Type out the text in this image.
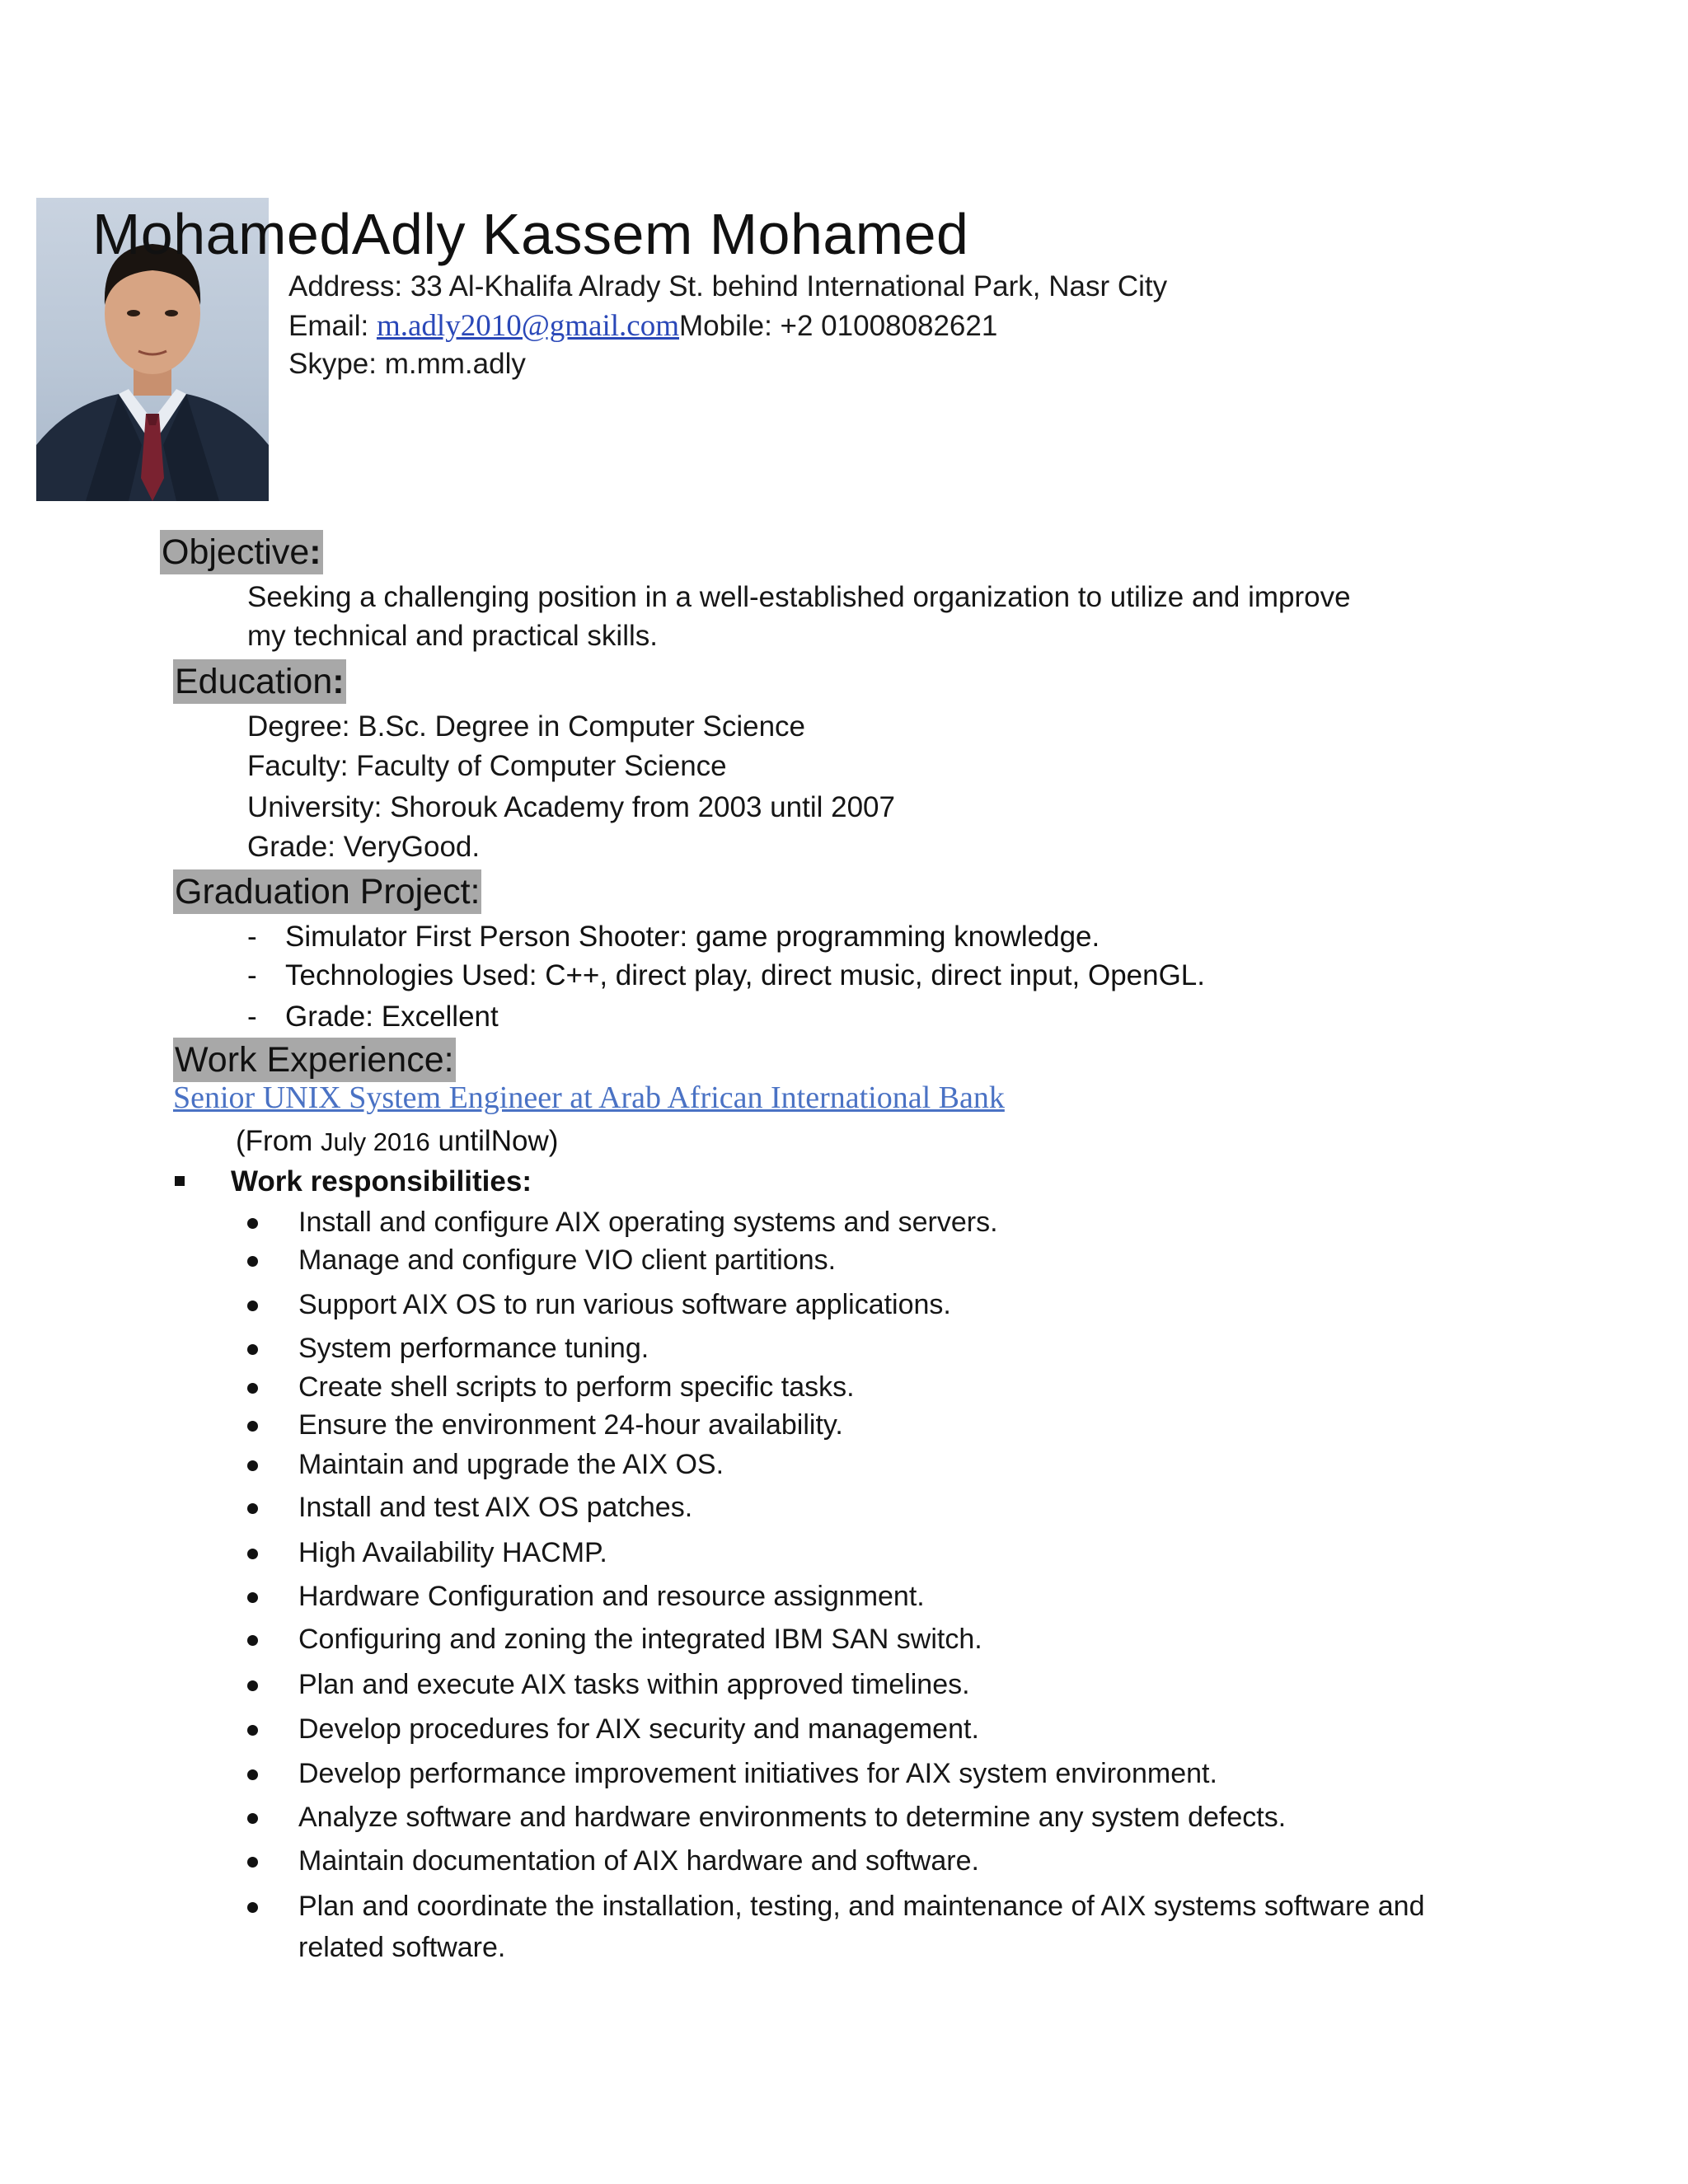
MohamedAdly Kassem Mohamed
Address: 33 Al-Khalifa Alrady St. behind International Park, Nasr City
Email: m.adly2010@gmail.comMobile: +2 01008082621
Skype: m.mm.adly
Objective:
Seeking a challenging position in a well-established organization to utilize and improve
my technical and practical skills.
Education:
Degree: B.Sc. Degree in Computer Science
Faculty: Faculty of Computer Science
University: Shorouk Academy from 2003 until 2007
Grade: VeryGood.
Graduation Project:
- Simulator First Person Shooter: game programming knowledge.
- Technologies Used: C++, direct play, direct music, direct input, OpenGL.
- Grade: Excellent
Work Experience:
Senior UNIX System Engineer at Arab African International Bank
(From July 2016 untilNow)
Work responsibilities:
Install and configure AIX operating systems and servers.
Manage and configure VIO client partitions.
Support AIX OS to run various software applications.
System performance tuning.
Create shell scripts to perform specific tasks.
Ensure the environment 24-hour availability.
Maintain and upgrade the AIX OS.
Install and test AIX OS patches.
High Availability HACMP.
Hardware Configuration and resource assignment.
Configuring and zoning the integrated IBM SAN switch.
Plan and execute AIX tasks within approved timelines.
Develop procedures for AIX security and management.
Develop performance improvement initiatives for AIX system environment.
Analyze software and hardware environments to determine any system defects.
Maintain documentation of AIX hardware and software.
Plan and coordinate the installation, testing, and maintenance of AIX systems software and
related software.
